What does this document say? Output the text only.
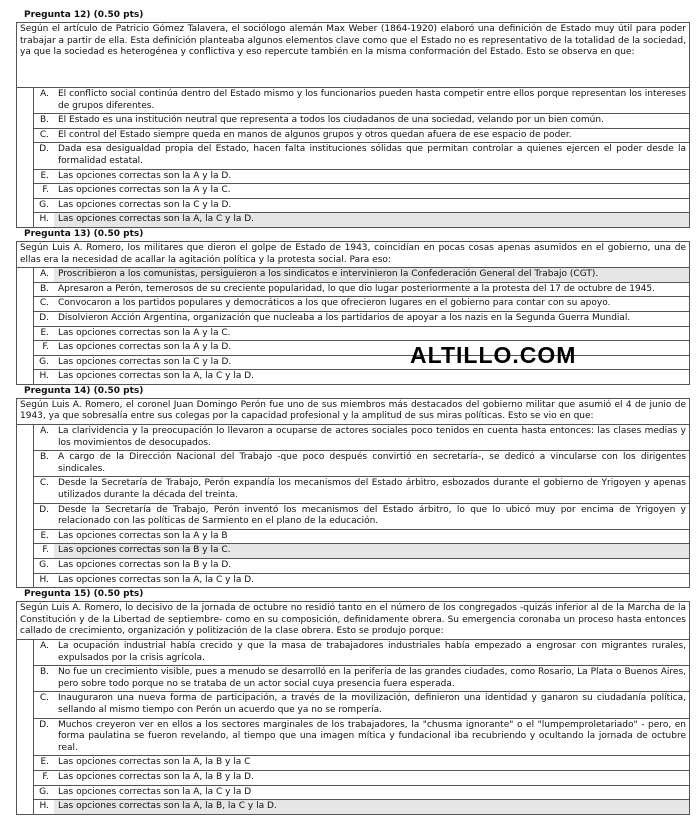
Pregunta 12) (0.50 pts)
Según el artículo de Patricio Gómez Talavera, el sociólogo alemán Max Weber (1864-1920) elaboró una definición de Estado muy útil para poder trabajar a partir de ella. Esta definición planteaba algunos elementos clave como que el Estado no es representativo de la totalidad de la sociedad, ya que la sociedad es heterogénea y conflictiva y eso repercute también en la misma conformación del Estado. Esto se observa en que:
A.	El conflicto social continúa dentro del Estado mismo y los funcionarios pueden hasta competir entre ellos porque representan los intereses de grupos diferentes.
B.	El Estado es una institución neutral que representa a todos los ciudadanos de una sociedad, velando por un bien común.
C.	El control del Estado siempre queda en manos de algunos grupos y otros quedan afuera de ese espacio de poder.
D.	Dada esa desigualdad propia del Estado, hacen falta instituciones sólidas que permitan controlar a quienes ejercen el poder desde la formalidad estatal.
E.	Las opciones correctas son la A y la D.
F.	Las opciones correctas son la A y la C.
G.	Las opciones correctas son la C y la D.
H.	Las opciones correctas son la A, la C y la D.
Pregunta 13) (0.50 pts)
Según Luis A. Romero, los militares que dieron el golpe de Estado de 1943, coincidían en pocas cosas apenas asumidos en el gobierno, una de ellas era la necesidad de acallar la agitación política y la protesta social. Para eso:
A.	Proscribieron a los comunistas, persiguieron a los sindicatos e intervinieron la Confederación General del Trabajo (CGT).
B.	Apresaron a Perón, temerosos de su creciente popularidad, lo que dio lugar posteriormente a la protesta del 17 de octubre de 1945.
C.	Convocaron a los partidos populares y democráticos a los que ofrecieron lugares en el gobierno para contar con su apoyo.
D.	Disolvieron Acción Argentina, organización que nucleaba a los partidarios de apoyar a los nazis en la Segunda Guerra Mundial.
E.	Las opciones correctas son la A y la C.
F.	Las opciones correctas son la A y la D.
G.	Las opciones correctas son la C y la D.
H.	Las opciones correctas son la A, la C y la D.
Pregunta 14) (0.50 pts)
Según Luis A. Romero, el coronel Juan Domingo Perón fue uno de sus miembros más destacados del gobierno militar que asumió el 4 de junio de 1943, ya que sobresalía entre sus colegas por la capacidad profesional y la amplitud de sus miras políticas. Esto se vio en que:
A.	La clarividencia y la preocupación lo llevaron a ocuparse de actores sociales poco tenidos en cuenta hasta entonces: las clases medias y los movimientos de desocupados.
B.	A cargo de la Dirección Nacional del Trabajo -que poco después convirtió en secretaría-, se dedicó a vincularse con los dirigentes sindicales.
C.	Desde la Secretaría de Trabajo, Perón expandía los mecanismos del Estado árbitro, esbozados durante el gobierno de Yrigoyen y apenas utilizados durante la década del treinta.
D.	Desde la Secretaría de Trabajo, Perón inventó los mecanismos del Estado árbitro, lo que lo ubicó muy por encima de Yrigoyen y relacionado con las políticas de Sarmiento en el plano de la educación.
E.	Las opciones correctas son la A y la B
F.	Las opciones correctas son la B y la C.
G.	Las opciones correctas son la B y la D.
H.	Las opciones correctas son la A, la C y la D.
Pregunta 15) (0.50 pts)
Según Luis A. Romero, lo decisivo de la jornada de octubre no residió tanto en el número de los congregados -quizás inferior al de la Marcha de la Constitución y de la Libertad de septiembre- como en su composición, definidamente obrera. Su emergencia coronaba un proceso hasta entonces callado de crecimiento, organización y politización de la clase obrera. Esto se produjo porque:
A.	La ocupación industrial había crecido y que la masa de trabajadores industriales había empezado a engrosar con migrantes rurales, expulsados por la crisis agrícola.
B.	No fue un crecimiento visible, pues a menudo se desarrolló en la periferia de las grandes ciudades, como Rosario, La Plata o Buenos Aires, pero sobre todo porque no se trataba de un actor social cuya presencia fuera esperada.
C.	Inauguraron una nueva forma de participación, a través de la movilización, definieron una identidad y ganaron su ciudadanía política, sellando al mismo tiempo con Perón un acuerdo que ya no se rompería.
D.	Muchos creyeron ver en ellos a los sectores marginales de los trabajadores, la "chusma ignorante" o el "lumpemproletariado" - pero, en forma paulatina se fueron revelando, al tiempo que una imagen mítica y fundacional iba recubriendo y ocultando la jornada de octubre real.
E.	Las opciones correctas son la A, la B y la C
F.	Las opciones correctas son la A, la B y la D.
G.	Las opciones correctas son la A, la C y la D
H.	Las opciones correctas son la A, la B, la C y la D.
ALTILLO.COM
